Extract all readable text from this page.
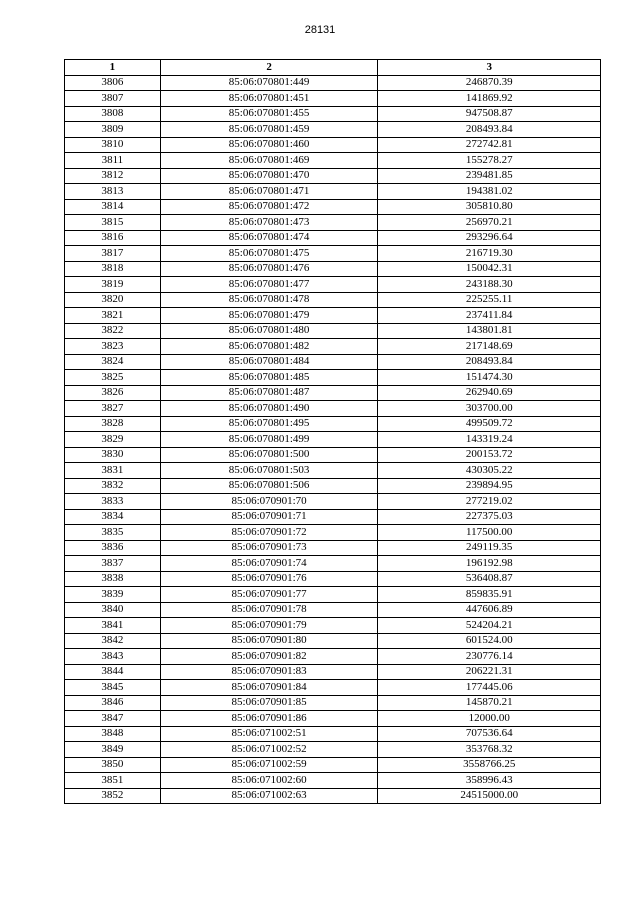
28131
1	2	3
3806	85:06:070801:449	246870.39
3807	85:06:070801:451	141869.92
3808	85:06:070801:455	947508.87
3809	85:06:070801:459	208493.84
3810	85:06:070801:460	272742.81
3811	85:06:070801:469	155278.27
3812	85:06:070801:470	239481.85
3813	85:06:070801:471	194381.02
3814	85:06:070801:472	305810.80
3815	85:06:070801:473	256970.21
3816	85:06:070801:474	293296.64
3817	85:06:070801:475	216719.30
3818	85:06:070801:476	150042.31
3819	85:06:070801:477	243188.30
3820	85:06:070801:478	225255.11
3821	85:06:070801:479	237411.84
3822	85:06:070801:480	143801.81
3823	85:06:070801:482	217148.69
3824	85:06:070801:484	208493.84
3825	85:06:070801:485	151474.30
3826	85:06:070801:487	262940.69
3827	85:06:070801:490	303700.00
3828	85:06:070801:495	499509.72
3829	85:06:070801:499	143319.24
3830	85:06:070801:500	200153.72
3831	85:06:070801:503	430305.22
3832	85:06:070801:506	239894.95
3833	85:06:070901:70	277219.02
3834	85:06:070901:71	227375.03
3835	85:06:070901:72	117500.00
3836	85:06:070901:73	249119.35
3837	85:06:070901:74	196192.98
3838	85:06:070901:76	536408.87
3839	85:06:070901:77	859835.91
3840	85:06:070901:78	447606.89
3841	85:06:070901:79	524204.21
3842	85:06:070901:80	601524.00
3843	85:06:070901:82	230776.14
3844	85:06:070901:83	206221.31
3845	85:06:070901:84	177445.06
3846	85:06:070901:85	145870.21
3847	85:06:070901:86	12000.00
3848	85:06:071002:51	707536.64
3849	85:06:071002:52	353768.32
3850	85:06:071002:59	3558766.25
3851	85:06:071002:60	358996.43
3852	85:06:071002:63	24515000.00
